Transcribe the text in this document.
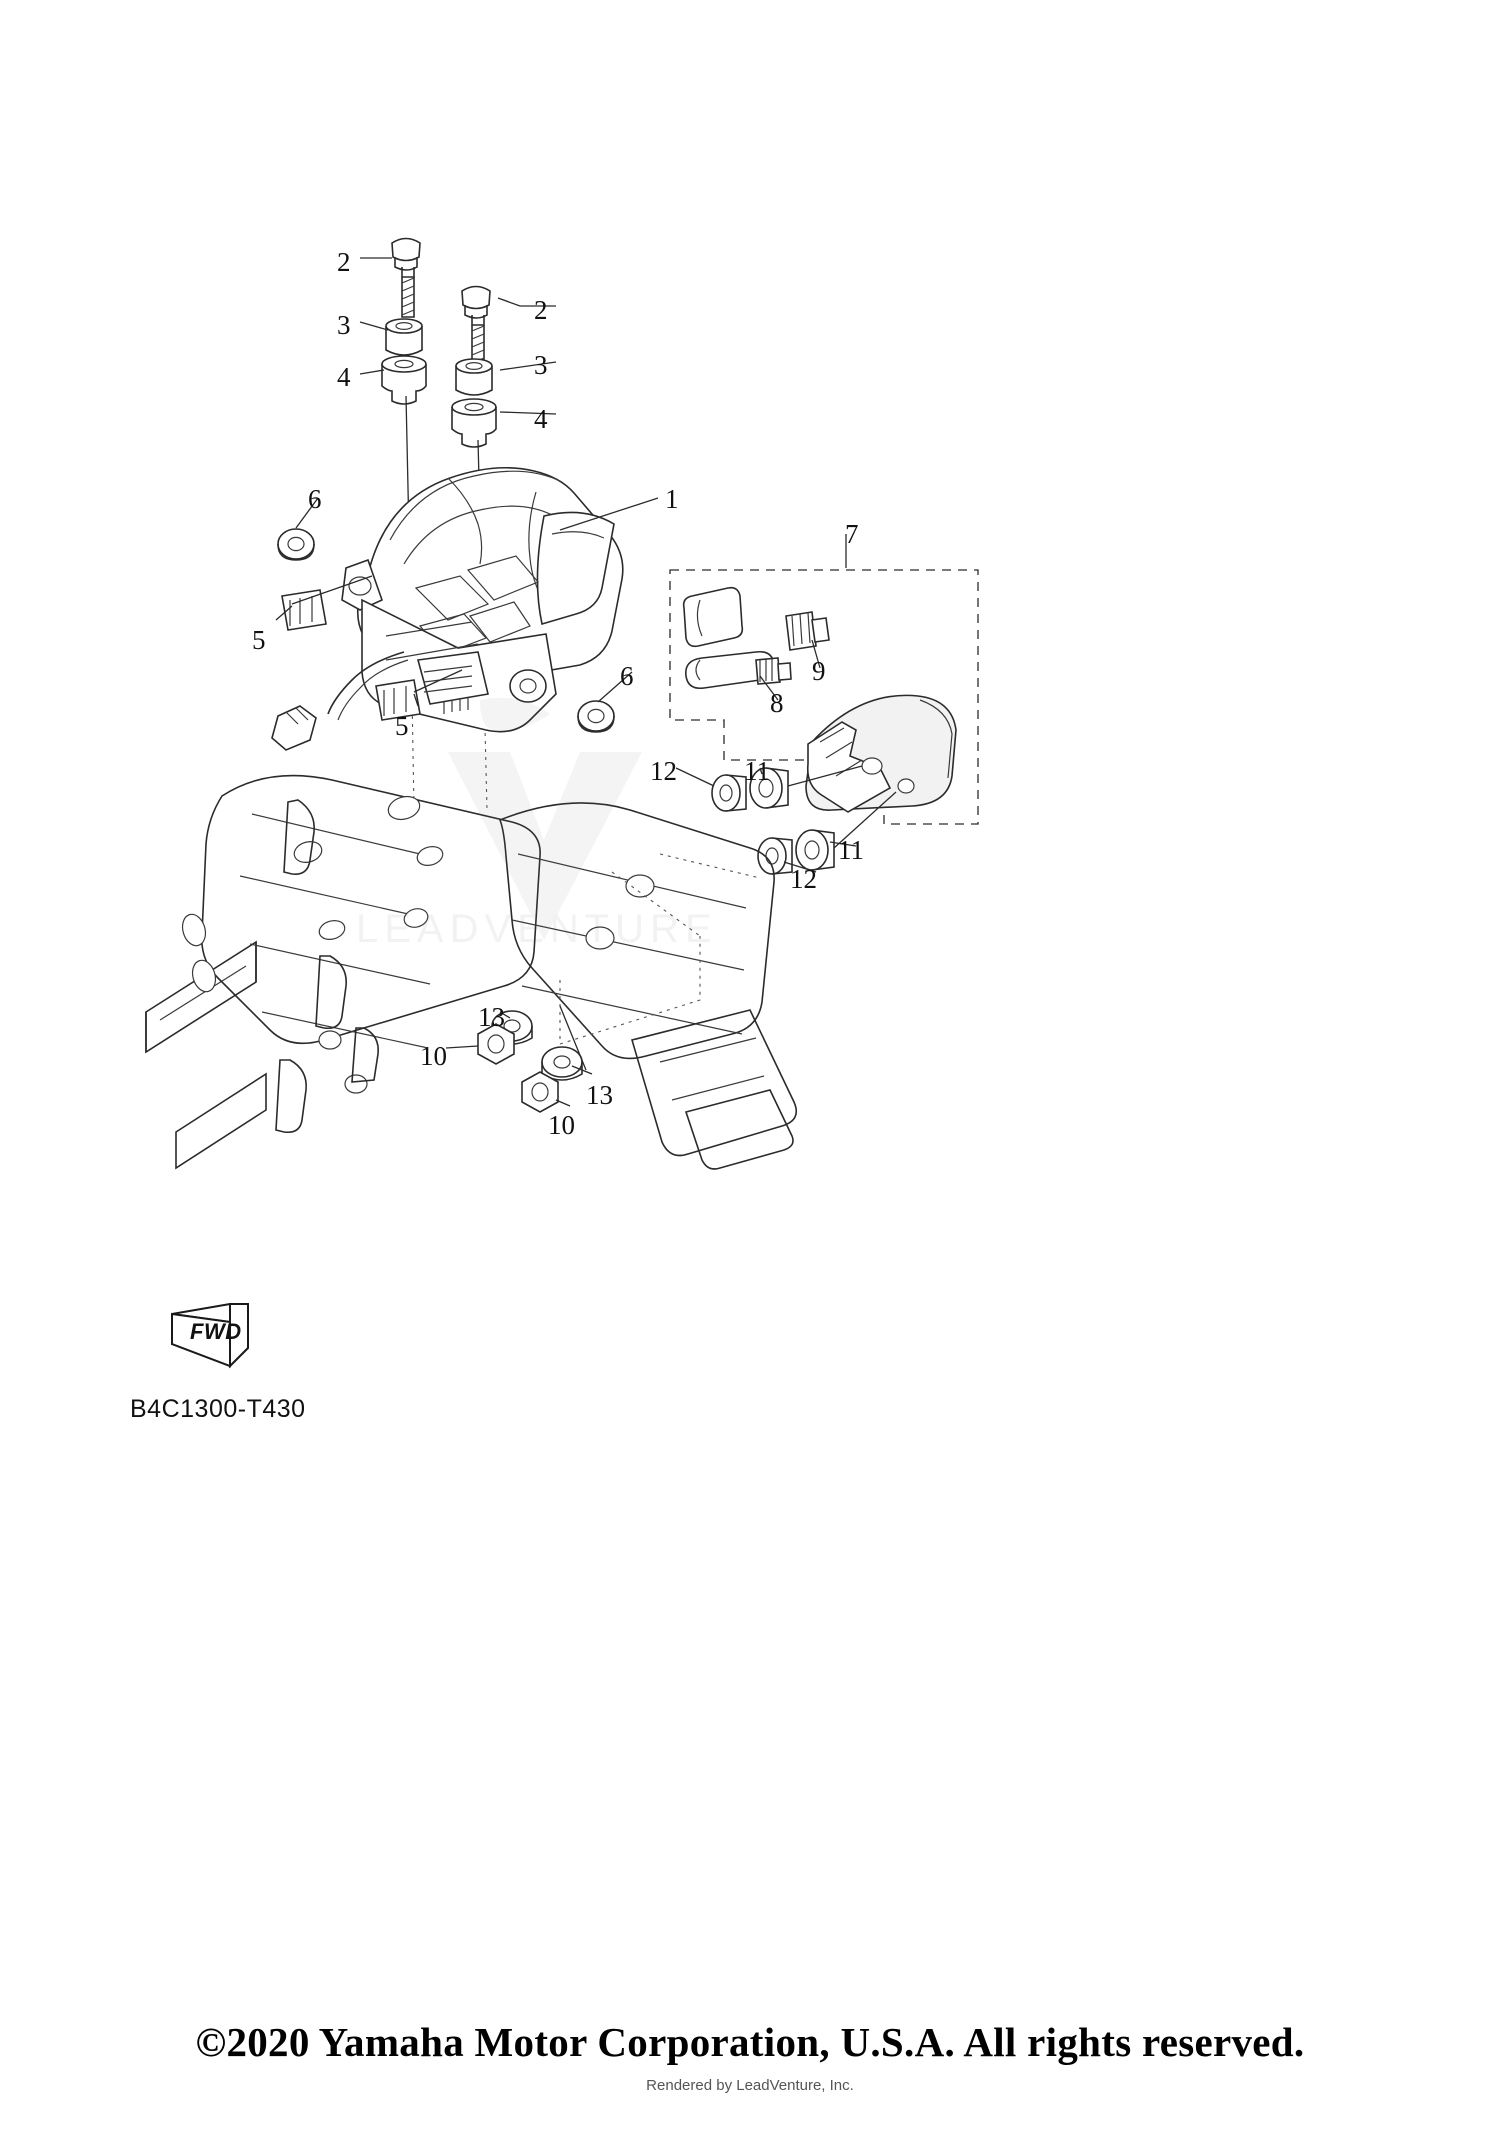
LEADVENTURE
2
2
3
3
4
4
6	1
7
5
6
8
9
5
11
12
11
12
13
10
13
10
FWD
B4C1300-T430
©2020 Yamaha Motor Corporation, U.S.A. All rights reserved.
Rendered by LeadVenture, Inc.
